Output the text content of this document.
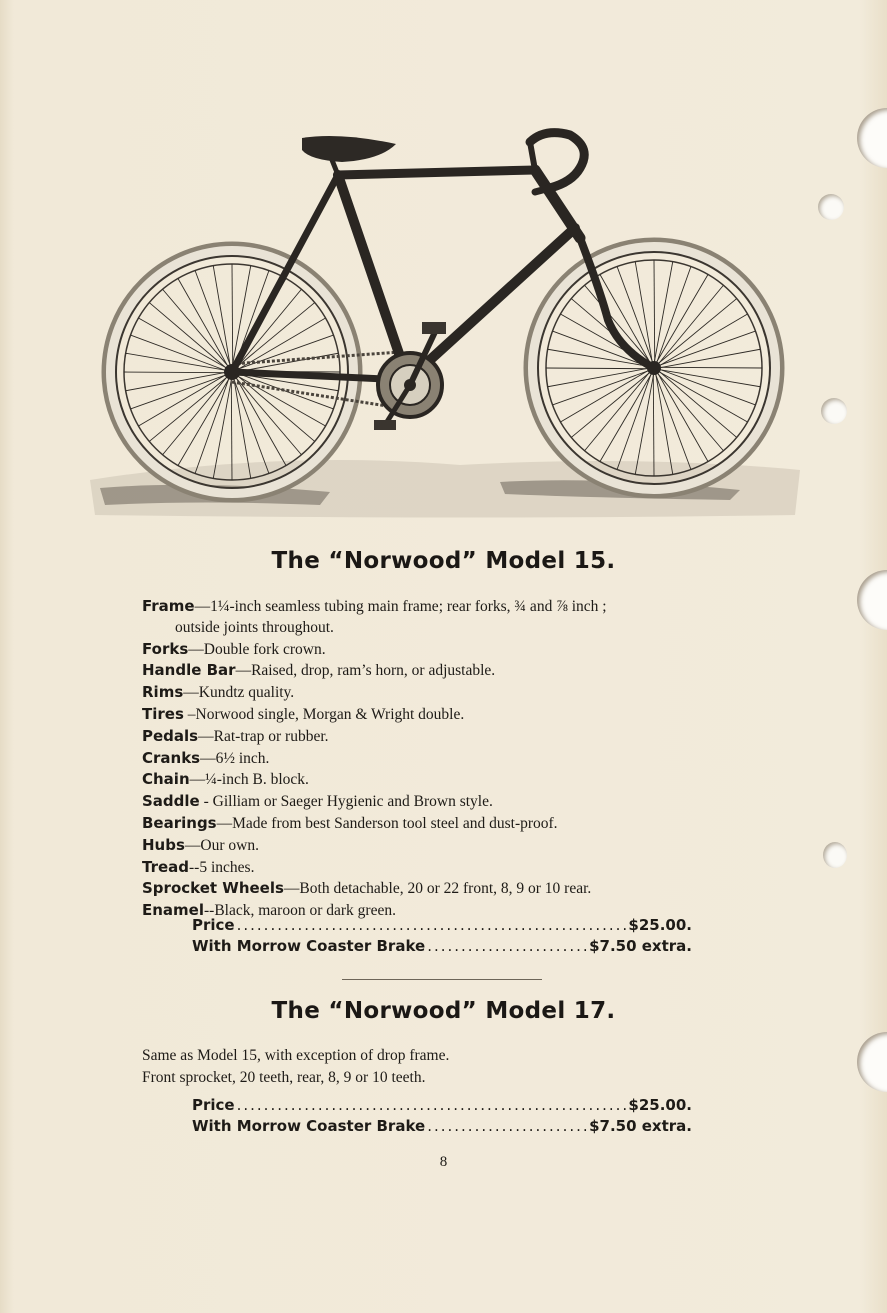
The “Norwood” Model 15.
Frame—1¼-inch seamless tubing main frame; rear forks, ¾ and ⅞ inch ;
outside joints throughout.
Forks—Double fork crown.
Handle Bar—Raised, drop, ram’s horn, or adjustable.
Rims—Kundtz quality.
Tires –Norwood single, Morgan & Wright double.
Pedals—Rat-trap or rubber.
Cranks—6½ inch.
Chain—¼-inch B. block.
Saddle - Gilliam or Saeger Hygienic and Brown style.
Bearings—Made from best Sanderson tool steel and dust-proof.
Hubs—Our own.
Tread--5 inches.
Sprocket Wheels—Both detachable, 20 or 22 front, 8, 9 or 10 rear.
Enamel--Black, maroon or dark green.
Price .....	$25.00.
With Morrow Coaster Brake .....	$7.50 extra.
The “Norwood” Model 17.
Same as Model 15, with exception of drop frame.
Front sprocket, 20 teeth, rear, 8, 9 or 10 teeth.
Price .....	$25.00.
With Morrow Coaster Brake .....	$7.50 extra.
8
